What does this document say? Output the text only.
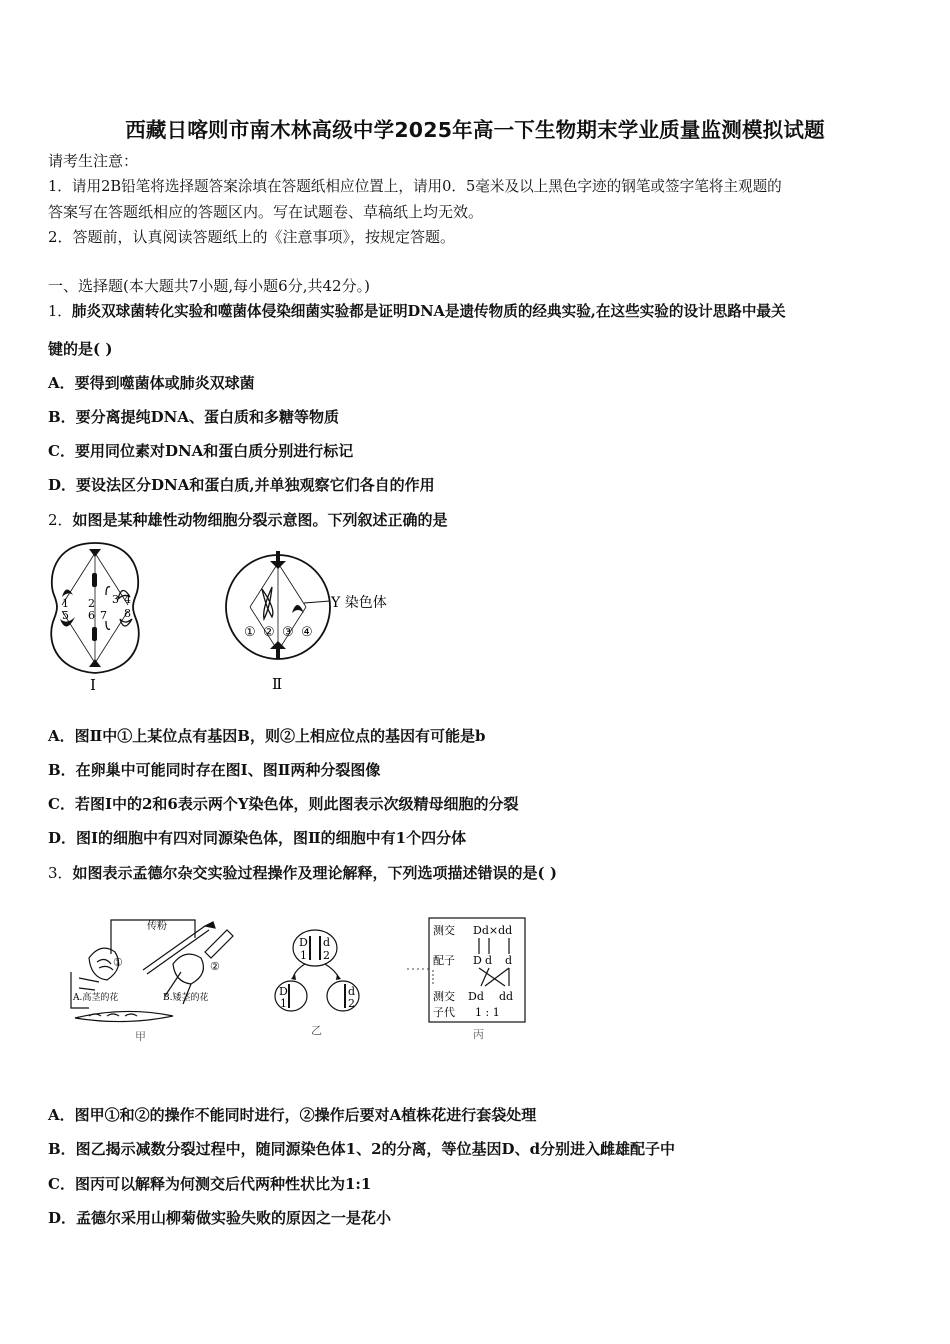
西藏日喀则市南木林高级中学2025年高一下生物期末学业质量监测模拟试题
请考生注意：
1．请用2B铅笔将选择题答案涂填在答题纸相应位置上，请用0．5毫米及以上黑色字迹的钢笔或签字笔将主观题的
答案写在答题纸相应的答题区内。写在试题卷、草稿纸上均无效。
2．答题前，认真阅读答题纸上的《注意事项》，按规定答题。
一、选择题(本大题共7小题,每小题6分,共42分。)
1．肺炎双球菌转化实验和噬菌体侵染细菌实验都是证明DNA是遗传物质的经典实验,在这些实验的设计思路中最关
键的是( )
A．要得到噬菌体或肺炎双球菌
B．要分离提纯DNA、蛋白质和多糖等物质
C．要用同位素对DNA和蛋白质分别进行标记
D．要设法区分DNA和蛋白质,并单独观察它们各自的作用
2．如图是某种雄性动物细胞分裂示意图。下列叙述正确的是
1
5
2
6 7
3 4
8
Ⅰ
Y 染色体
① ② ③ ④
Ⅱ
A．图Ⅱ中①上某位点有基因B，则②上相应位点的基因有可能是b
B．在卵巢中可能同时存在图Ⅰ、图Ⅱ两种分裂图像
C．若图Ⅰ中的2和6表示两个Y染色体，则此图表示次级精母细胞的分裂
D．图Ⅰ的细胞中有四对同源染色体，图Ⅱ的细胞中有1个四分体
3．如图表示孟德尔杂交实验过程操作及理论解释，下列选项描述错误的是( )
传粉
①	②
A.高茎的花	B.矮茎的花
甲
D
1
d
2
D
1
d
2
乙
测交 Dd×dd
配子 D d d
测交
子代
Dd dd
1 : 1
丙
A．图甲①和②的操作不能同时进行，②操作后要对A植株花进行套袋处理
B．图乙揭示减数分裂过程中，随同源染色体1、2的分离，等位基因D、d分别进入雌雄配子中
C．图丙可以解释为何测交后代两种性状比为1:1
D．孟德尔采用山柳菊做实验失败的原因之一是花小
